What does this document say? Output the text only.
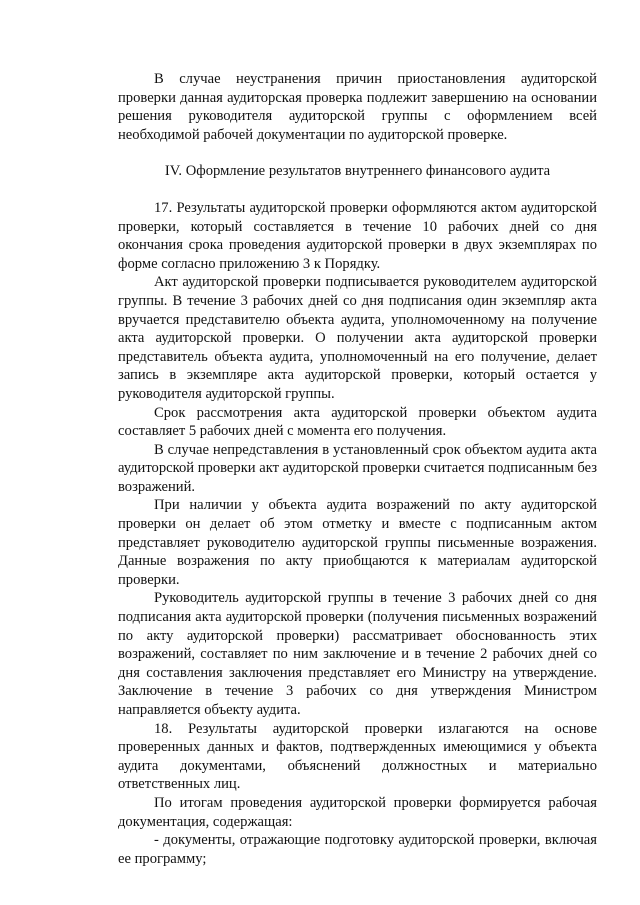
В случае неустранения причин приостановления аудиторской проверки данная аудиторская проверка подлежит завершению на основании решения руководителя аудиторской группы с оформлением всей необходимой рабочей документации по аудиторской проверке.

IV. Оформление результатов внутреннего финансового аудита

17. Результаты аудиторской проверки оформляются актом аудиторской проверки, который составляется в течение 10 рабочих дней со дня окончания срока проведения аудиторской проверки в двух экземплярах по форме согласно приложению 3 к Порядку.

Акт аудиторской проверки подписывается руководителем аудиторской группы. В течение 3 рабочих дней со дня подписания один экземпляр акта вручается представителю объекта аудита, уполномоченному на получение акта аудиторской проверки. О получении акта аудиторской проверки представитель объекта аудита, уполномоченный на его получение, делает запись в экземпляре акта аудиторской проверки, который остается у руководителя аудиторской группы.

Срок рассмотрения акта аудиторской проверки объектом аудита составляет 5 рабочих дней с момента его получения.

В случае непредставления в установленный срок объектом аудита акта аудиторской проверки акт аудиторской проверки считается подписанным без возражений.

При наличии у объекта аудита возражений по акту аудиторской проверки он делает об этом отметку и вместе с подписанным актом представляет руководителю аудиторской группы письменные возражения. Данные возражения по акту приобщаются к материалам аудиторской проверки.

Руководитель аудиторской группы в течение 3 рабочих дней со дня подписания акта аудиторской проверки (получения письменных возражений по акту аудиторской проверки) рассматривает обоснованность этих возражений, составляет по ним заключение и в течение 2 рабочих дней со дня составления заключения представляет его Министру на утверждение. Заключение в течение 3 рабочих со дня утверждения Министром направляется объекту аудита.

18. Результаты аудиторской проверки излагаются на основе проверенных данных и фактов, подтвержденных имеющимися у объекта аудита документами, объяснений должностных и материально ответственных лиц.

По итогам проведения аудиторской проверки формируется рабочая документация, содержащая:

- документы, отражающие подготовку аудиторской проверки, включая ее программу;
